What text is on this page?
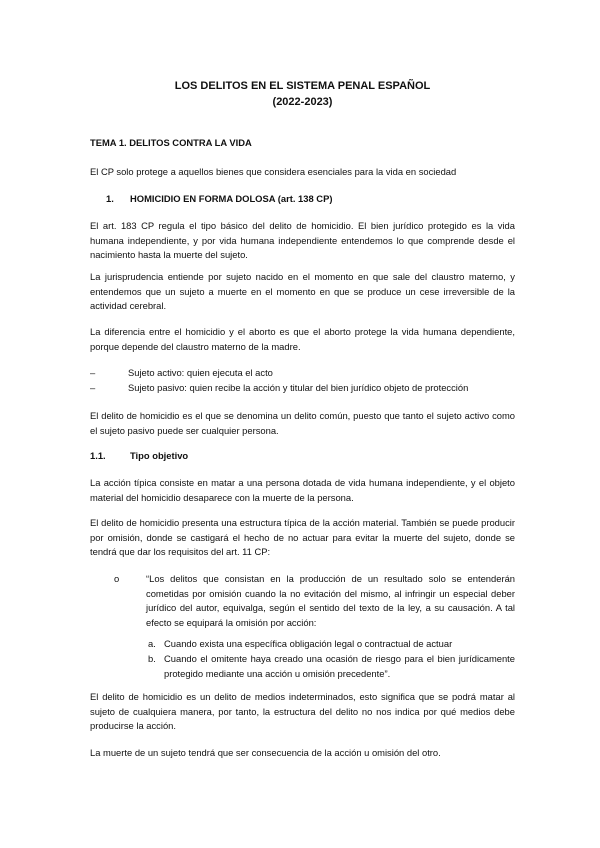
LOS DELITOS EN EL SISTEMA PENAL ESPAÑOL
(2022-2023)

TEMA 1. DELITOS CONTRA LA VIDA

El CP solo protege a aquellos bienes que considera esenciales para la vida en sociedad

1. HOMICIDIO EN FORMA DOLOSA (art. 138 CP)

El art. 183 CP regula el tipo básico del delito de homicidio. El bien jurídico protegido es la vida humana independiente, y por vida humana independiente entendemos lo que comprende desde el nacimiento hasta la muerte del sujeto.

La jurisprudencia entiende por sujeto nacido en el momento en que sale del claustro materno, y entendemos que un sujeto a muerte en el momento en que se produce un cese irreversible de la actividad cerebral.

La diferencia entre el homicidio y el aborto es que el aborto protege la vida humana dependiente, porque depende del claustro materno de la madre.

–	Sujeto activo: quien ejecuta el acto
–	Sujeto pasivo: quien recibe la acción y titular del bien jurídico objeto de protección

El delito de homicidio es el que se denomina un delito común, puesto que tanto el sujeto activo como el sujeto pasivo puede ser cualquier persona.

1.1.	Tipo objetivo

La acción típica consiste en matar a una persona dotada de vida humana independiente, y el objeto material del homicidio desaparece con la muerte de la persona.

El delito de homicidio presenta una estructura típica de la acción material. También se puede producir por omisión, donde se castigará el hecho de no actuar para evitar la muerte del sujeto, donde se tendrá que dar los requisitos del art. 11 CP:

o	“Los delitos que consistan en la producción de un resultado solo se entenderán cometidas por omisión cuando la no evitación del mismo, al infringir un especial deber jurídico del autor, equivalga, según el sentido del texto de la ley, a su causación. A tal efecto se equipará la omisión por acción:

a. Cuando exista una específica obligación legal o contractual de actuar

b. Cuando el omitente haya creado una ocasión de riesgo para el bien jurídicamente protegido mediante una acción u omisión precedente”.

El delito de homicidio es un delito de medios indeterminados, esto significa que se podrá matar al sujeto de cualquiera manera, por tanto, la estructura del delito no nos indica por qué medios debe producirse la acción.

La muerte de un sujeto tendrá que ser consecuencia de la acción u omisión del otro.
